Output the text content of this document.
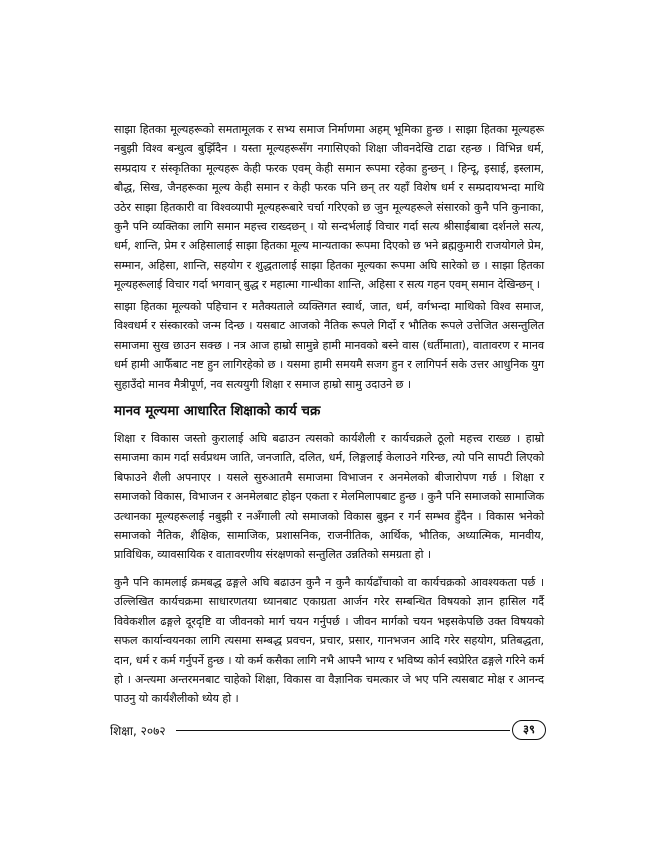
साझा हितका मूल्यहरूको समतामूलक र सभ्य समाज निर्माणमा अहम् भूमिका हुन्छ । साझा हितका मूल्यहरू नबुझी विश्व बन्धुत्व बुझिँदैन । यस्ता मूल्यहरूसँग नगासिएको शिक्षा जीवनदेखि टाढा रहन्छ । विभिन्न धर्म, सम्प्रदाय र संस्कृतिका मूल्यहरू केही फरक एवम् केही समान रूपमा रहेका हुन्छन् । हिन्दू, इसाई, इस्लाम, बौद्ध, सिख, जैनहरूका मूल्य केही समान र केही फरक पनि छन् तर यहाँ विशेष धर्म र सम्प्रदायभन्दा माथि उठेर साझा हितकारी वा विश्वव्यापी मूल्यहरूबारे चर्चा गरिएको छ जुन मूल्यहरूले संसारको कुनै पनि कुनाका, कुनै पनि व्यक्तिका लागि समान महत्त्व राख्दछन् । यो सन्दर्भलाई विचार गर्दा सत्य श्रीसाईबाबा दर्शनले सत्य, धर्म, शान्ति, प्रेम र अहिसालाई साझा हितका मूल्य मान्यताका रूपमा दिएको छ भने ब्रह्मकुमारी राजयोगले प्रेम, सम्मान, अहिसा, शान्ति, सहयोग र शुद्धतालाई साझा हितका मूल्यका रूपमा अघि सारेको छ । साझा हितका मूल्यहरूलाई विचार गर्दा भगवान् बुद्ध र महात्मा गान्धीका शान्ति, अहिसा र सत्य गहन एवम् समान देखिन्छन् ।

साझा हितका मूल्यको पहिचान र मतैक्यताले व्यक्तिगत स्वार्थ, जात, धर्म, वर्गभन्दा माथिको विश्व समाज, विश्वधर्म र संस्कारको जन्म दिन्छ । यसबाट आजको नैतिक रूपले गिर्दो र भौतिक रूपले उत्तेजित असन्तुलित समाजमा सुख छाउन सक्छ । नत्र आज हाम्रो सामुन्ने हामी मानवको बस्ने वास (धर्तीमाता), वातावरण र मानव धर्म हामी आफैँबाट नष्ट हुन लागिरहेको छ । यसमा हामी समयमै सजग हुन र लागिपर्न सके उत्तर आधुनिक युग सुहाउँदो मानव मैत्रीपूर्ण, नव सत्ययुगी शिक्षा र समाज हाम्रो सामु उदाउने छ ।

मानव मूल्यमा आधारित शिक्षाको कार्य चक्र

शिक्षा र विकास जस्तो कुरालाई अघि बढाउन त्यसको कार्यशैली र कार्यचक्रले ठूलो महत्त्व राख्छ । हाम्रो समाजमा काम गर्दा सर्वप्रथम जाति, जनजाति, दलित, धर्म, लिङ्गलाई केलाउने गरिन्छ, त्यो पनि सापटी लिएको बिफाउने शैली अपनाएर । यसले सुरुआतमै समाजमा विभाजन र अनमेलको बीजारोपण गर्छ । शिक्षा र समाजको विकास, विभाजन र अनमेलबाट होइन एकता र मेलमिलापबाट हुन्छ । कुनै पनि समाजको सामाजिक उत्थानका मूल्यहरूलाई नबुझी र नअँगाली त्यो समाजको विकास बुझ्न र गर्न सम्भव हुँदैन । विकास भनेको समाजको नैतिक, शैक्षिक, सामाजिक, प्रशासनिक, राजनीतिक, आर्थिक, भौतिक, अध्यात्मिक, मानवीय, प्राविधिक, व्यावसायिक र वातावरणीय संरक्षणको सन्तुलित उन्नतिको समग्रता हो ।

कुनै पनि कामलाई क्रमबद्ध ढङ्गले अघि बढाउन कुनै न कुनै कार्यढाँचाको वा कार्यचक्रको आवश्यकता पर्छ । उल्लिखित कार्यचक्रमा साधारणतया ध्यानबाट एकाग्रता आर्जन गरेर सम्बन्धित विषयको ज्ञान हासिल गर्दै विवेकशील ढङ्गले दूरदृष्टि वा जीवनको मार्ग चयन गर्नुपर्छ । जीवन मार्गको चयन भइसकेपछि उक्त विषयको सफल कार्यान्वयनका लागि त्यसमा सम्बद्ध प्रवचन, प्रचार, प्रसार, गानभजन आदि गरेर सहयोग, प्रतिबद्धता, दान, धर्म र कर्म गर्नुपर्ने हुन्छ । यो कर्म कसैका लागि नभै आफ्नै भाग्य र भविष्य कोर्न स्वप्रेरित ढङ्गले गरिने कर्म हो । अन्त्यमा अन्तरमनबाट चाहेको शिक्षा, विकास वा वैज्ञानिक चमत्कार जे भए पनि त्यसबाट मोक्ष र आनन्द पाउनु यो कार्यशैलीको ध्येय हो ।

शिक्षा, २०७२	३९
